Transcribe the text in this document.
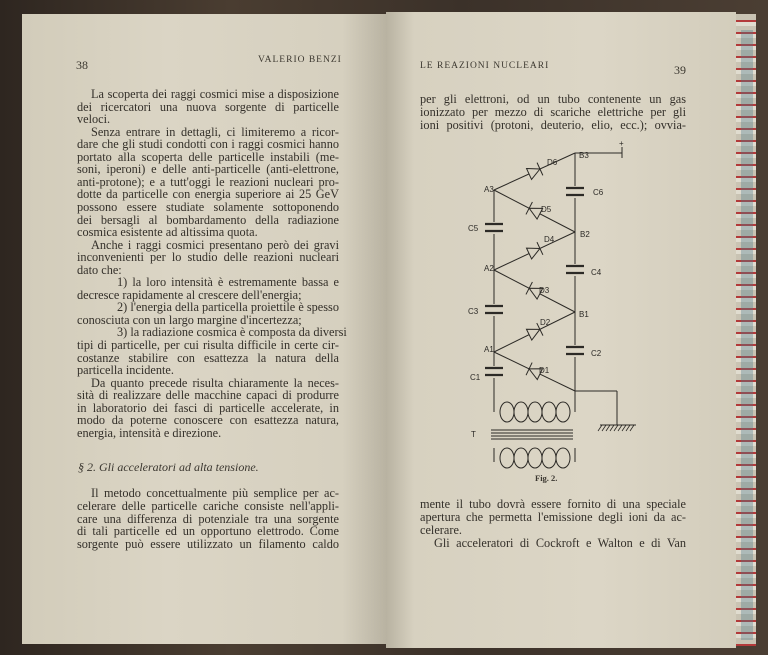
38	VALERIO BENZI
LE REAZIONI NUCLEARI	39
La scoperta dei raggi cosmici mise a disposizione
dei ricercatori una nuova sorgente di particelle
veloci.
Senza entrare in dettagli, ci limiteremo a ricor-
dare che gli studi condotti con i raggi cosmici hanno
portato alla scoperta delle particelle instabili (me-
soni, iperoni) e delle anti-particelle (anti-elettrone,
anti-protone); e a tutt'oggi le reazioni nucleari pro-
dotte da particelle con energia superiore ai 25 GeV
possono essere studiate solamente sottoponendo
dei bersagli al bombardamento della radiazione
cosmica esistente ad altissima quota.
Anche i raggi cosmici presentano però dei gravi
inconvenienti per lo studio delle reazioni nucleari
dato che:
1) la loro intensità è estremamente bassa e
decresce rapidamente al crescere dell'energia;
2) l'energia della particella proiettile è spesso
conosciuta con un largo margine d'incertezza;
3) la radiazione cosmica è composta da diversi
tipi di particelle, per cui risulta difficile in certe cir-
costanze stabilire con esattezza la natura della
particella incidente.
Da quanto precede risulta chiaramente la neces-
sità di realizzare delle macchine capaci di produrre
in laboratorio dei fasci di particelle accelerate, in
modo da poterne conoscere con esattezza natura,
energia, intensità e direzione.
§ 2. Gli acceleratori ad alta tensione.
Il metodo concettualmente più semplice per ac-
celerare delle particelle cariche consiste nell'appli-
care una differenza di potenziale tra una sorgente
di tali particelle ed un opportuno elettrodo. Come
sorgente può essere utilizzato un filamento caldo
per gli elettroni, od un tubo contenente un gas
ionizzato per mezzo di scariche elettriche per gli
ioni positivi (protoni, deuterio, elio, ecc.); ovvia-
mente il tubo dovrà essere fornito di una speciale
apertura che permetta l'emissione degli ioni da ac-
celerare.
Gli acceleratori di Cockroft e Walton e di Van
+
B3
B2
B1
A3
A2
A1
C1
C2
C3
C4
C5
C6
D1
D2
D3
D4
D5
D6
T
Fig. 2.
